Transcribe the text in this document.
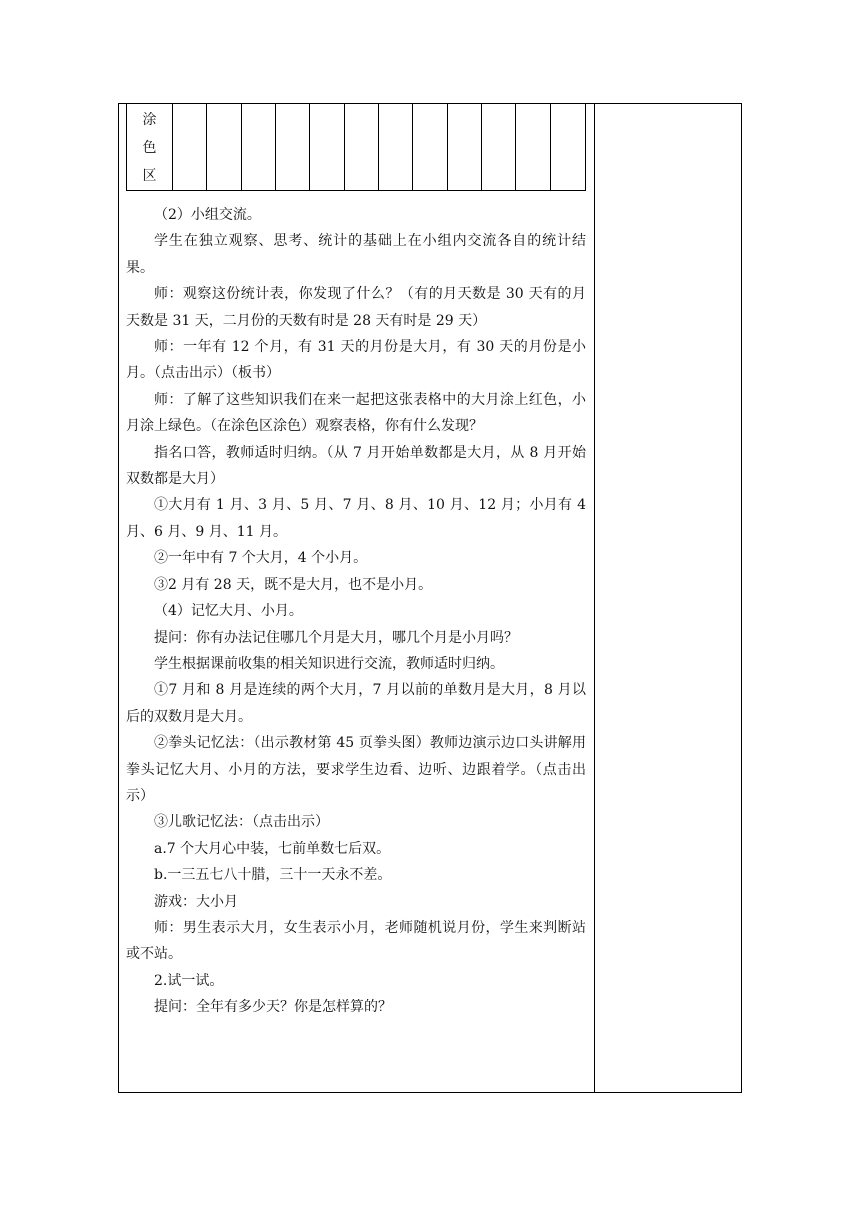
涂
色
区

（2）小组交流。

学生在独立观察、思考、统计的基础上在小组内交流各自的统计结果。

师：观察这份统计表，你发现了什么？（有的月天数是 30 天有的月天数是 31 天，二月份的天数有时是 28 天有时是 29 天）

师：一年有 12 个月，有 31 天的月份是大月，有 30 天的月份是小月。（点击出示）（板书）

师：了解了这些知识我们在来一起把这张表格中的大月涂上红色，小月涂上绿色。（在涂色区涂色）观察表格，你有什么发现？

指名口答，教师适时归纳。（从 7 月开始单数都是大月，从 8 月开始双数都是大月）

①大月有 1 月、3 月、5 月、7 月、8 月、10 月、12 月；小月有 4 月、6 月、9 月、11 月。

②一年中有 7 个大月，4 个小月。

③2 月有 28 天，既不是大月，也不是小月。

（4）记忆大月、小月。

提问：你有办法记住哪几个月是大月，哪几个月是小月吗？

学生根据课前收集的相关知识进行交流，教师适时归纳。

①7 月和 8 月是连续的两个大月，7 月以前的单数月是大月，8 月以后的双数月是大月。

②拳头记忆法：（出示教材第 45 页拳头图）教师边演示边口头讲解用拳头记忆大月、小月的方法，要求学生边看、边听、边跟着学。（点击出示）

③儿歌记忆法：（点击出示）

a.7 个大月心中装，七前单数七后双。

b.一三五七八十腊，三十一天永不差。

游戏：大小月

师：男生表示大月，女生表示小月，老师随机说月份，学生来判断站或不站。

2.试一试。

提问：全年有多少天？你是怎样算的？
